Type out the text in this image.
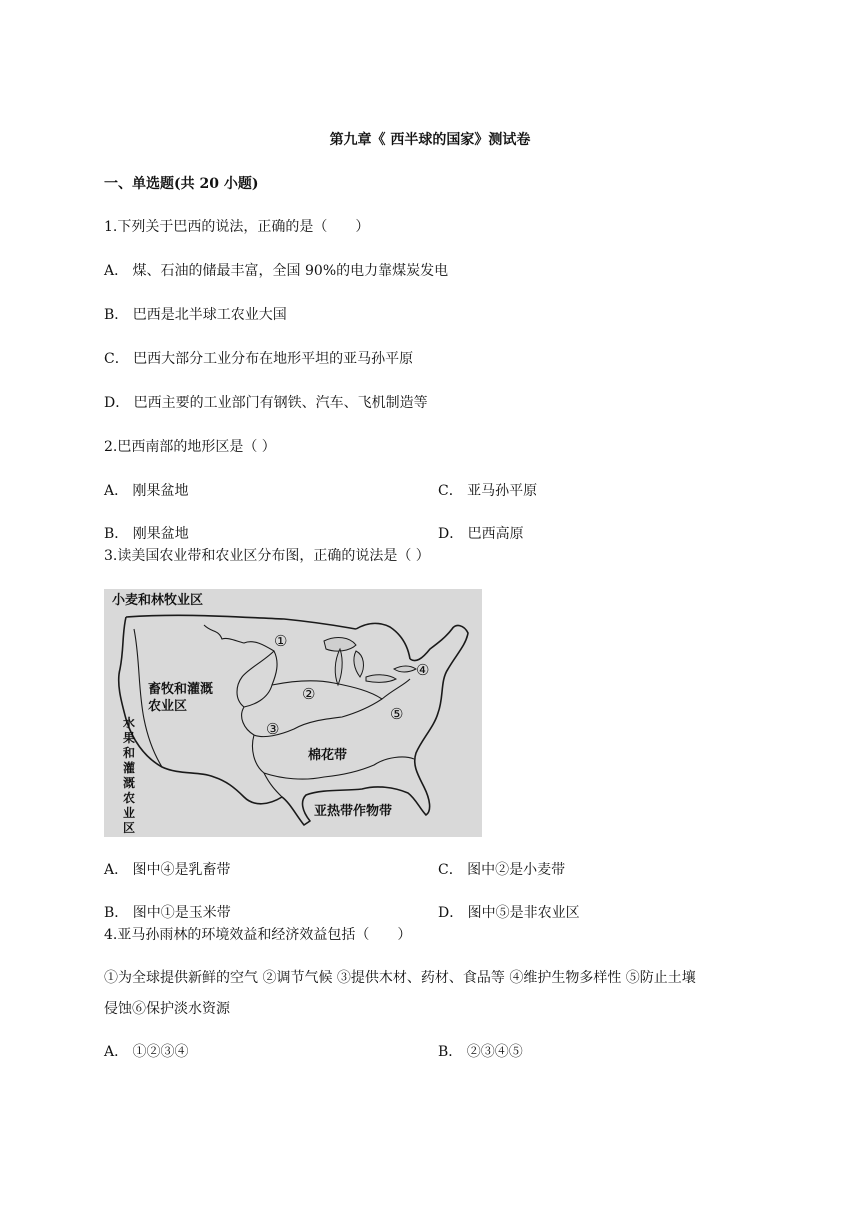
第九章《 西半球的国家》测试卷
一、单选题(共 20 小题)
1.下列关于巴西的说法，正确的是（　　）
A． 煤、石油的储最丰富，全国 90%的电力靠煤炭发电
B． 巴西是北半球工农业大国
C． 巴西大部分工业分布在地形平坦的亚马孙平原
D． 巴西主要的工业部门有钢铁、汽车、飞机制造等
2.巴西南部的地形区是（ ）
A． 刚果盆地	C． 亚马孙平原
B． 刚果盆地	D． 巴西高原
3.读美国农业带和农业区分布图，正确的说法是（ ）
小麦和林牧业区
畜牧和灌溉
农业区
棉花带
亚热带作物带
水
果
和
灌
溉
农
业
区
①
②
③
④
⑤
A． 图中④是乳畜带	C． 图中②是小麦带
B． 图中①是玉米带	D． 图中⑤是非农业区
4.亚马孙雨林的环境效益和经济效益包括（　　）
①为全球提供新鲜的空气 ②调节气候 ③提供木材、药材、食品等 ④维护生物多样性 ⑤防止土壤
侵蚀⑥保护淡水资源
A． ①②③④	B． ②③④⑤
